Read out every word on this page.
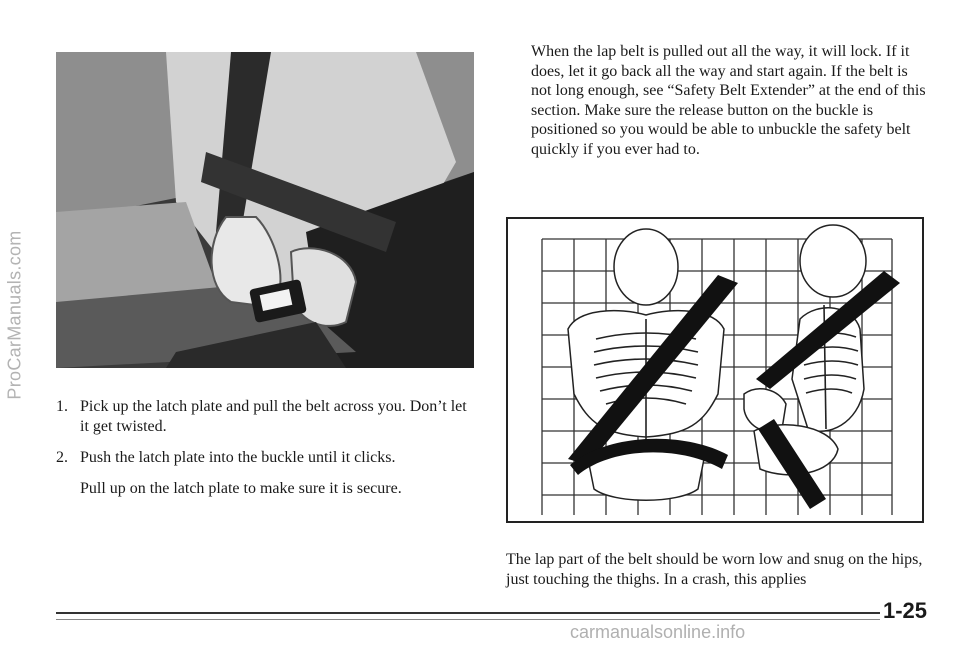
ProCarManuals.com
1. Pick up the latch plate and pull the belt across you. Don’t let it get twisted.
2. Push the latch plate into the buckle until it clicks.
Pull up on the latch plate to make sure it is secure.
When the lap belt is pulled out all the way, it will lock. If it does, let it go back all the way and start again. If the belt is not long enough, see “Safety Belt Extender” at the end of this section. Make sure the release button on the buckle is positioned so you would be able to unbuckle the safety belt quickly if you ever had to.
The lap part of the belt should be worn low and snug on the hips, just touching the thighs. In a crash, this applies
1-25
carmanualsonline.info
